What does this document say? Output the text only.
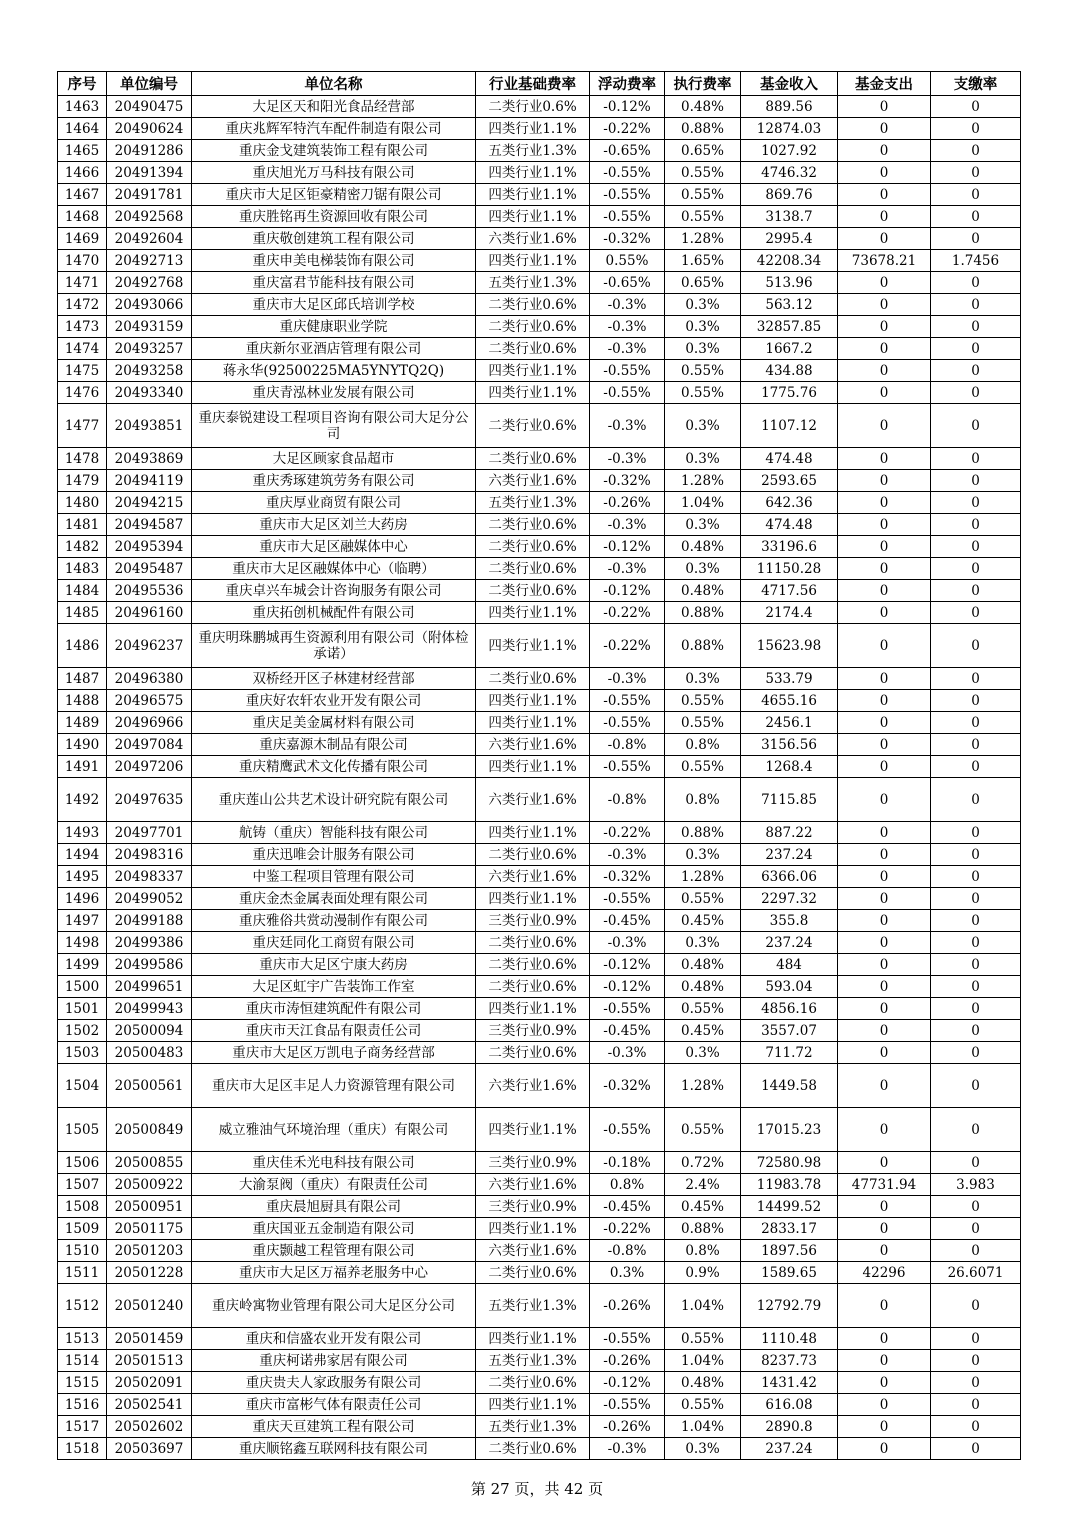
序号	单位编号	单位名称	行业基础费率	浮动费率	执行费率	基金收入	基金支出	支缴率
1463	20490475	大足区天和阳光食品经营部	二类行业0.6%	-0.12%	0.48%	889.56	0	0
1464	20490624	重庆兆辉军特汽车配件制造有限公司	四类行业1.1%	-0.22%	0.88%	12874.03	0	0
1465	20491286	重庆金戈建筑装饰工程有限公司	五类行业1.3%	-0.65%	0.65%	1027.92	0	0
1466	20491394	重庆旭光万马科技有限公司	四类行业1.1%	-0.55%	0.55%	4746.32	0	0
1467	20491781	重庆市大足区钜豪精密刀锯有限公司	四类行业1.1%	-0.55%	0.55%	869.76	0	0
1468	20492568	重庆胜铭再生资源回收有限公司	四类行业1.1%	-0.55%	0.55%	3138.7	0	0
1469	20492604	重庆敬创建筑工程有限公司	六类行业1.6%	-0.32%	1.28%	2995.4	0	0
1470	20492713	重庆申美电梯装饰有限公司	四类行业1.1%	0.55%	1.65%	42208.34	73678.21	1.7456
1471	20492768	重庆富君节能科技有限公司	五类行业1.3%	-0.65%	0.65%	513.96	0	0
1472	20493066	重庆市大足区邱氏培训学校	二类行业0.6%	-0.3%	0.3%	563.12	0	0
1473	20493159	重庆健康职业学院	二类行业0.6%	-0.3%	0.3%	32857.85	0	0
1474	20493257	重庆新尔亚酒店管理有限公司	二类行业0.6%	-0.3%	0.3%	1667.2	0	0
1475	20493258	蒋永华(92500225MA5YNYTQ2Q)	四类行业1.1%	-0.55%	0.55%	434.88	0	0
1476	20493340	重庆青泓林业发展有限公司	四类行业1.1%	-0.55%	0.55%	1775.76	0	0
1477	20493851	重庆泰锐建设工程项目咨询有限公司大足分公司	二类行业0.6%	-0.3%	0.3%	1107.12	0	0
1478	20493869	大足区顾家食品超市	二类行业0.6%	-0.3%	0.3%	474.48	0	0
1479	20494119	重庆秀琢建筑劳务有限公司	六类行业1.6%	-0.32%	1.28%	2593.65	0	0
1480	20494215	重庆厚业商贸有限公司	五类行业1.3%	-0.26%	1.04%	642.36	0	0
1481	20494587	重庆市大足区刘兰大药房	二类行业0.6%	-0.3%	0.3%	474.48	0	0
1482	20495394	重庆市大足区融媒体中心	二类行业0.6%	-0.12%	0.48%	33196.6	0	0
1483	20495487	重庆市大足区融媒体中心（临聘）	二类行业0.6%	-0.3%	0.3%	11150.28	0	0
1484	20495536	重庆卓兴车城会计咨询服务有限公司	二类行业0.6%	-0.12%	0.48%	4717.56	0	0
1485	20496160	重庆拓创机械配件有限公司	四类行业1.1%	-0.22%	0.88%	2174.4	0	0
1486	20496237	重庆明珠鹏城再生资源利用有限公司（附体检承诺）	四类行业1.1%	-0.22%	0.88%	15623.98	0	0
1487	20496380	双桥经开区子林建材经营部	二类行业0.6%	-0.3%	0.3%	533.79	0	0
1488	20496575	重庆好农轩农业开发有限公司	四类行业1.1%	-0.55%	0.55%	4655.16	0	0
1489	20496966	重庆足美金属材料有限公司	四类行业1.1%	-0.55%	0.55%	2456.1	0	0
1490	20497084	重庆嘉源木制品有限公司	六类行业1.6%	-0.8%	0.8%	3156.56	0	0
1491	20497206	重庆精鹰武术文化传播有限公司	四类行业1.1%	-0.55%	0.55%	1268.4	0	0
1492	20497635	重庆莲山公共艺术设计研究院有限公司	六类行业1.6%	-0.8%	0.8%	7115.85	0	0
1493	20497701	航铸（重庆）智能科技有限公司	四类行业1.1%	-0.22%	0.88%	887.22	0	0
1494	20498316	重庆迅唯会计服务有限公司	二类行业0.6%	-0.3%	0.3%	237.24	0	0
1495	20498337	中鉴工程项目管理有限公司	六类行业1.6%	-0.32%	1.28%	6366.06	0	0
1496	20499052	重庆金杰金属表面处理有限公司	四类行业1.1%	-0.55%	0.55%	2297.32	0	0
1497	20499188	重庆雅俗共赏动漫制作有限公司	三类行业0.9%	-0.45%	0.45%	355.8	0	0
1498	20499386	重庆廷同化工商贸有限公司	二类行业0.6%	-0.3%	0.3%	237.24	0	0
1499	20499586	重庆市大足区宁康大药房	二类行业0.6%	-0.12%	0.48%	484	0	0
1500	20499651	大足区虹宇广告装饰工作室	二类行业0.6%	-0.12%	0.48%	593.04	0	0
1501	20499943	重庆市涛恒建筑配件有限公司	四类行业1.1%	-0.55%	0.55%	4856.16	0	0
1502	20500094	重庆市天江食品有限责任公司	三类行业0.9%	-0.45%	0.45%	3557.07	0	0
1503	20500483	重庆市大足区万凯电子商务经营部	二类行业0.6%	-0.3%	0.3%	711.72	0	0
1504	20500561	重庆市大足区丰足人力资源管理有限公司	六类行业1.6%	-0.32%	1.28%	1449.58	0	0
1505	20500849	威立雅油气环境治理（重庆）有限公司	四类行业1.1%	-0.55%	0.55%	17015.23	0	0
1506	20500855	重庆佳禾光电科技有限公司	三类行业0.9%	-0.18%	0.72%	72580.98	0	0
1507	20500922	大渝泵阀（重庆）有限责任公司	六类行业1.6%	0.8%	2.4%	11983.78	47731.94	3.983
1508	20500951	重庆晨旭厨具有限公司	三类行业0.9%	-0.45%	0.45%	14499.52	0	0
1509	20501175	重庆国亚五金制造有限公司	四类行业1.1%	-0.22%	0.88%	2833.17	0	0
1510	20501203	重庆颢越工程管理有限公司	六类行业1.6%	-0.8%	0.8%	1897.56	0	0
1511	20501228	重庆市大足区万福养老服务中心	二类行业0.6%	0.3%	0.9%	1589.65	42296	26.6071
1512	20501240	重庆岭寓物业管理有限公司大足区分公司	五类行业1.3%	-0.26%	1.04%	12792.79	0	0
1513	20501459	重庆和信盛农业开发有限公司	四类行业1.1%	-0.55%	0.55%	1110.48	0	0
1514	20501513	重庆柯诺弗家居有限公司	五类行业1.3%	-0.26%	1.04%	8237.73	0	0
1515	20502091	重庆贵夫人家政服务有限公司	二类行业0.6%	-0.12%	0.48%	1431.42	0	0
1516	20502541	重庆市富彬气体有限责任公司	四类行业1.1%	-0.55%	0.55%	616.08	0	0
1517	20502602	重庆天亘建筑工程有限公司	五类行业1.3%	-0.26%	1.04%	2890.8	0	0
1518	20503697	重庆顺铭鑫互联网科技有限公司	二类行业0.6%	-0.3%	0.3%	237.24	0	0
第 27 页，共 42 页
